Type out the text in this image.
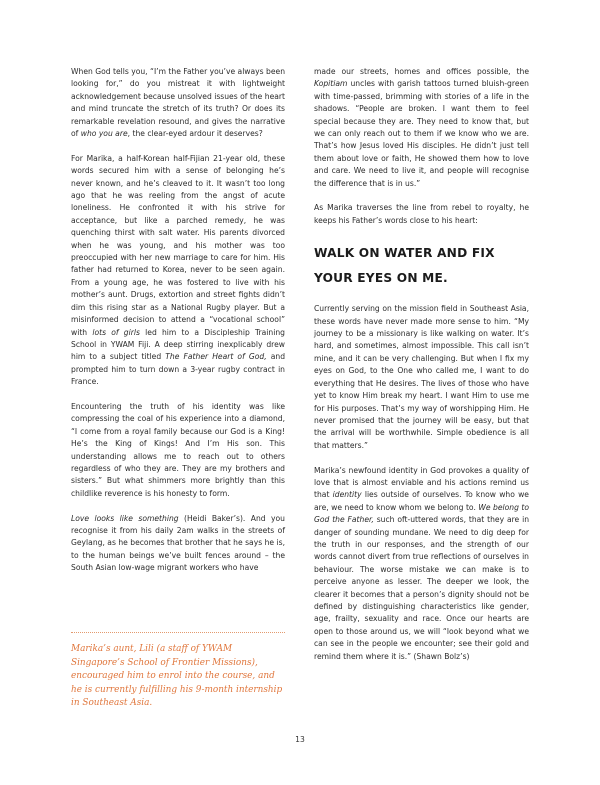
When God tells you, “I’m the Father you’ve always been looking for,” do you mistreat it with lightweight acknowledgement because unsolved issues of the heart and mind truncate the stretch of its truth? Or does its remarkable revelation resound, and gives the narrative of who you are, the clear-eyed ardour it deserves?

For Marika, a half-Korean half-Fijian 21-year old, these words secured him with a sense of belonging he’s never known, and he’s cleaved to it. It wasn’t too long ago that he was reeling from the angst of acute loneliness. He confronted it with his strive for acceptance, but like a parched remedy, he was quenching thirst with salt water. His parents divorced when he was young, and his mother was too preoccupied with her new marriage to care for him. His father had returned to Korea, never to be seen again. From a young age, he was fostered to live with his mother’s aunt. Drugs, extortion and street fights didn’t dim this rising star as a National Rugby player. But a misinformed decision to attend a “vocational school” with lots of girls led him to a Discipleship Training School in YWAM Fiji. A deep stirring inexplicably drew him to a subject titled The Father Heart of God, and prompted him to turn down a 3-year rugby contract in France.

Encountering the truth of his identity was like compressing the coal of his experience into a diamond, “I come from a royal family because our God is a King! He’s the King of Kings! And I’m His son. This understanding allows me to reach out to others regardless of who they are. They are my brothers and sisters.” But what shimmers more brightly than this childlike reverence is his honesty to form.

Love looks like something (Heidi Baker’s). And you recognise it from his daily 2am walks in the streets of Geylang, as he becomes that brother that he says he is, to the human beings we’ve built fences around – the South Asian low-wage migrant workers who have

Marika’s aunt, Lili (a staff of YWAM Singapore’s School of Frontier Missions), encouraged him to enrol into the course, and he is currently fulfilling his 9-month internship in Southeast Asia.

made our streets, homes and offices possible, the Kopitiam uncles with garish tattoos turned bluish-green with time-passed, brimming with stories of a life in the shadows. “People are broken. I want them to feel special because they are. They need to know that, but we can only reach out to them if we know who we are. That’s how Jesus loved His disciples. He didn’t just tell them about love or faith, He showed them how to love and care. We need to live it, and people will recognise the difference that is in us.”

As Marika traverses the line from rebel to royalty, he keeps his Father’s words close to his heart:

WALK ON WATER AND FIX YOUR EYES ON ME.

Currently serving on the mission field in Southeast Asia, these words have never made more sense to him. “My journey to be a missionary is like walking on water. It’s hard, and sometimes, almost impossible. This call isn’t mine, and it can be very challenging. But when I fix my eyes on God, to the One who called me, I want to do everything that He desires. The lives of those who have yet to know Him break my heart. I want Him to use me for His purposes. That’s my way of worshipping Him. He never promised that the journey will be easy, but that the arrival will be worthwhile. Simple obedience is all that matters.”

Marika’s newfound identity in God provokes a quality of love that is almost enviable and his actions remind us that identity lies outside of ourselves. To know who we are, we need to know whom we belong to. We belong to God the Father, such oft-uttered words, that they are in danger of sounding mundane. We need to dig deep for the truth in our responses, and the strength of our words cannot divert from true reflections of ourselves in behaviour. The worse mistake we can make is to perceive anyone as lesser. The deeper we look, the clearer it becomes that a person’s dignity should not be defined by distinguishing characteristics like gender, age, frailty, sexuality and race. Once our hearts are open to those around us, we will “look beyond what we can see in the people we encounter; see their gold and remind them where it is.” (Shawn Bolz’s)

13
